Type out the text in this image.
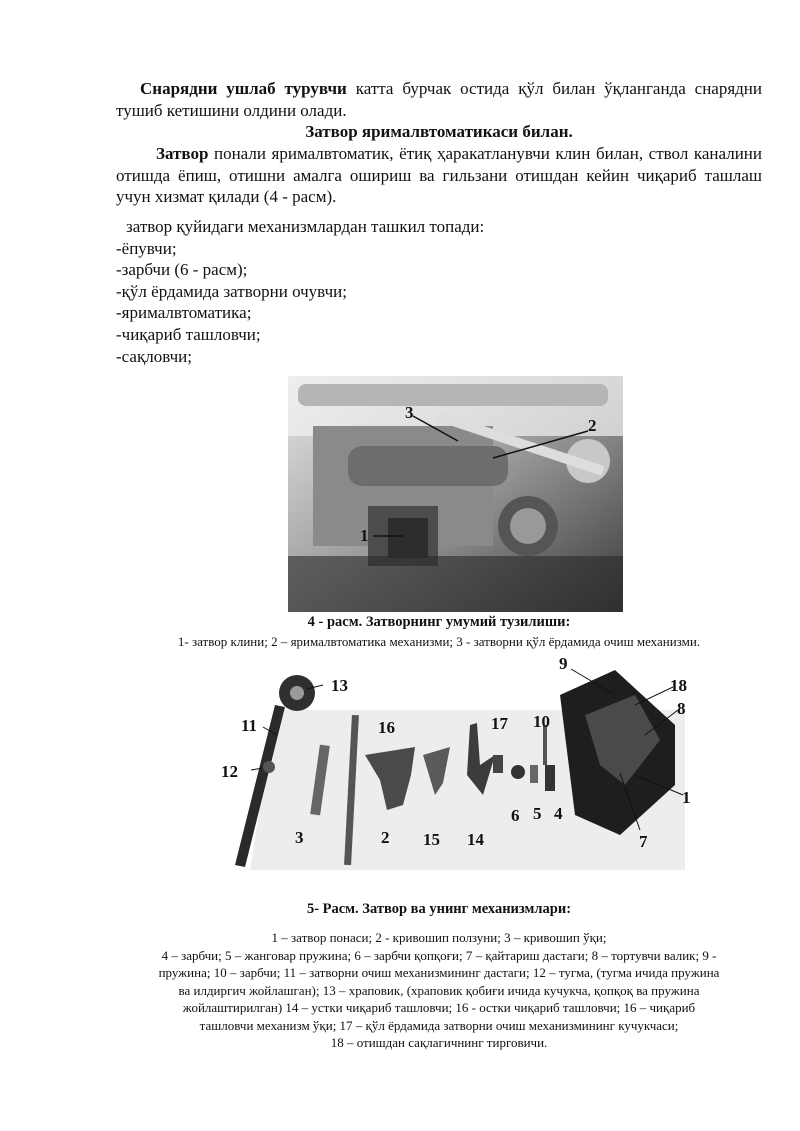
Снарядни ушлаб турувчи катта бурчак остида қўл билан ўқланганда снарядни тушиб кетишини олдини олади.
Затвор ярималвтоматикаси билан.
Затвор понали ярималвтоматик, ётиқ ҳаракатланувчи клин билан, ствол каналини отишда ёпиш, отишни амалга ошириш ва гильзани отишдан кейин чиқариб ташлаш учун хизмат қилади (4 - расм).
затвор қуйидаги механизмлардан ташкил топади:
-ёпувчи;
-зарбчи (6 - расм);
-қўл ёрдамида затворни очувчи;
-ярималвтоматика;
-чиқариб ташловчи;
-сақловчи;
3
2
1
4 - расм. Затворнинг умумий тузилиши:
1- затвор клини; 2 – ярималвтоматика механизми; 3 - затворни қўл ёрдамида очиш механизми.
13
11
12
16
3	2 15 14
17 10
6 5 4
9
18
8
1
7
5- Расм. Затвор ва унинг механизмлари:
1 – затвор понаси; 2 - кривошип ползуни; 3 – кривошип ўқи;
4 – зарбчи; 5 – жанговар пружина; 6 – зарбчи қопқоғи; 7 – қайтариш дастаги; 8 – тортувчи валик; 9 -
пружина; 10 – зарбчи; 11 – затворни очиш механизмининг дастаги; 12 – тугма, (тугма ичида пружина
ва илдиргич жойлашган); 13 – храповик, (храповик қобиғи ичида кучукча, қопқоқ ва пружина
жойлаштирилган) 14 – устки чиқариб ташловчи; 16 - остки чиқариб ташловчи; 16 – чиқариб
ташловчи механизм ўқи; 17 – қўл ёрдамида затворни очиш механизмининг кучукчаси;
18 – отишдан сақлагичнинг тирговичи.
